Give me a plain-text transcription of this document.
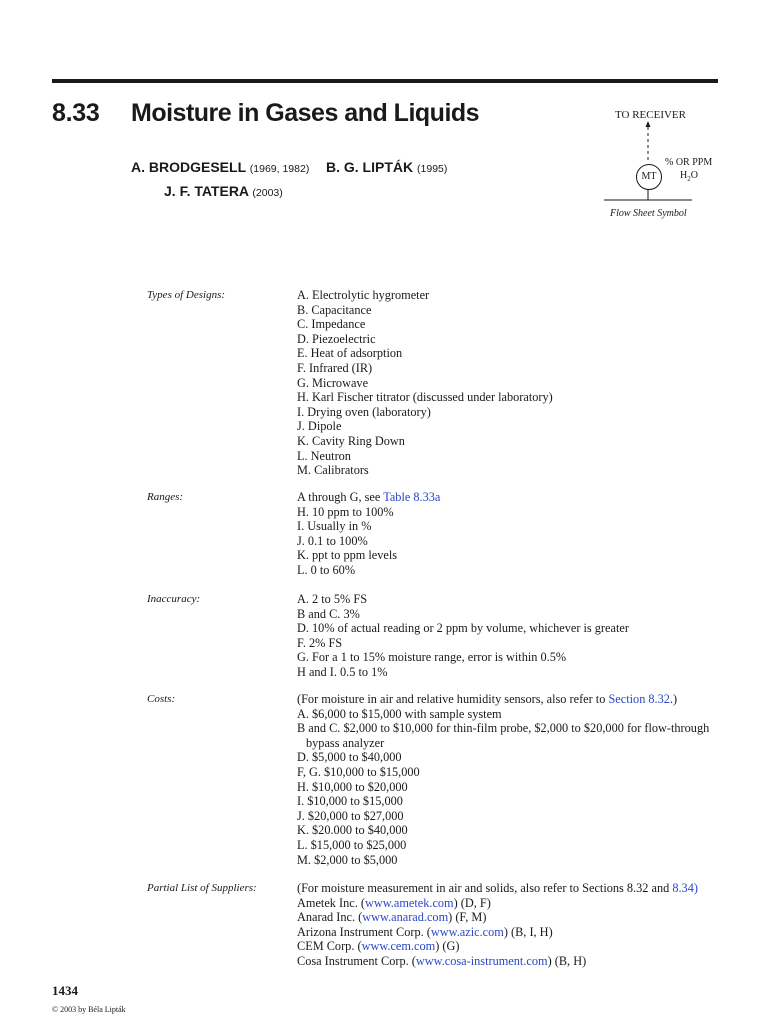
8.33 Moisture in Gases and Liquids
A. BRODGESELL (1969, 1982) B. G. LIPTÁK (1995)
J. F. TATERA (2003)
TO RECEIVER
MT
% OR PPM
$H_2O$
Flow Sheet Symbol
Types of Designs:	A. Electrolytic hygrometer
B. Capacitance
C. Impedance
D. Piezoelectric
E. Heat of adsorption
F. Infrared (IR)
G. Microwave
H. Karl Fischer titrator (discussed under laboratory)
I. Drying oven (laboratory)
J. Dipole
K. Cavity Ring Down
L. Neutron
M. Calibrators
Ranges:	A through G, see Table 8.33a
H. 10 ppm to 100%
I. Usually in %
J. 0.1 to 100%
K. ppt to ppm levels
L. 0 to 60%
Inaccuracy:	A. 2 to 5% FS
B and C. 3%
D. 10% of actual reading or 2 ppm by volume, whichever is greater
F. 2% FS
G. For a 1 to 15% moisture range, error is within 0.5%
H and I. 0.5 to 1%
Costs:	(For moisture in air and relative humidity sensors, also refer to Section 8.32.)
A. $6,000 to $15,000 with sample system
B and C. $2,000 to $10,000 for thin-film probe, $2,000 to $20,000 for flow-through
bypass analyzer
D. $5,000 to $40,000
F, G. $10,000 to $15,000
H. $10,000 to $20,000
I. $10,000 to $15,000
J. $20,000 to $27,000
K. $20.000 to $40,000
L. $15,000 to $25,000
M. $2,000 to $5,000
Partial List of Suppliers:	(For moisture measurement in air and solids, also refer to Sections 8.32 and 8.34)
Ametek Inc. (www.ametek.com) (D, F)
Anarad Inc. (www.anarad.com) (F, M)
Arizona Instrument Corp. (www.azic.com) (B, I, H)
CEM Corp. (www.cem.com) (G)
Cosa Instrument Corp. (www.cosa-instrument.com) (B, H)
1434
© 2003 by Béla Lipták
